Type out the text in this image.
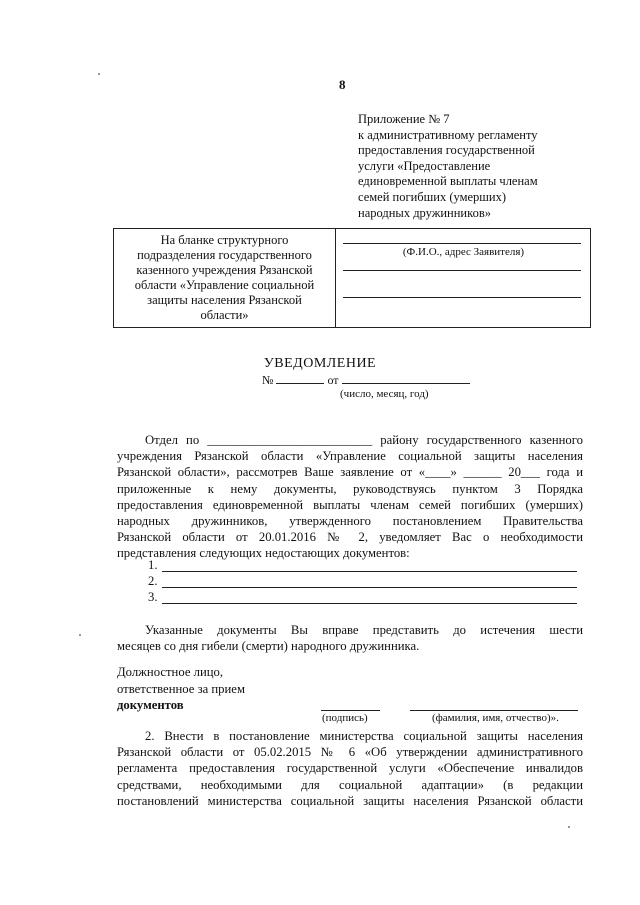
8
Приложение № 7
к административному регламенту
предоставления государственной
услуги «Предоставление
единовременной выплаты членам
семей погибших (умерших)
народных дружинников»
На бланке структурного
подразделения государственного
казенного учреждения Рязанской
области «Управление социальной
защиты населения Рязанской
области»
(Ф.И.О., адрес Заявителя)
УВЕДОМЛЕНИЕ
№	от
(число, месяц, год)
Отдел по __________________________ району государственного казенного
учреждения Рязанской области «Управление социальной защиты населения
Рязанской области», рассмотрев Ваше заявление от «____» ______ 20___ года и
приложенные к нему документы, руководствуясь пунктом 3 Порядка
предоставления единовременной выплаты членам семей погибших (умерших)
народных дружинников, утвержденного постановлением Правительства
Рязанской области от 20.01.2016 № 2, уведомляет Вас о необходимости
представления следующих недостающих документов:
1.
2.
3.
Указанные документы Вы вправе представить до истечения шести
месяцев со дня гибели (смерти) народного дружинника.
Должностное лицо,
ответственное за прием
документов
(подпись)	(фамилия, имя, отчество)».
2. Внести в постановление министерства социальной защиты населения
Рязанской области от 05.02.2015 № 6 «Об утверждении административного
регламента предоставления государственной услуги «Обеспечение инвалидов
средствами, необходимыми для социальной адаптации» (в редакции
постановлений министерства социальной защиты населения Рязанской области
